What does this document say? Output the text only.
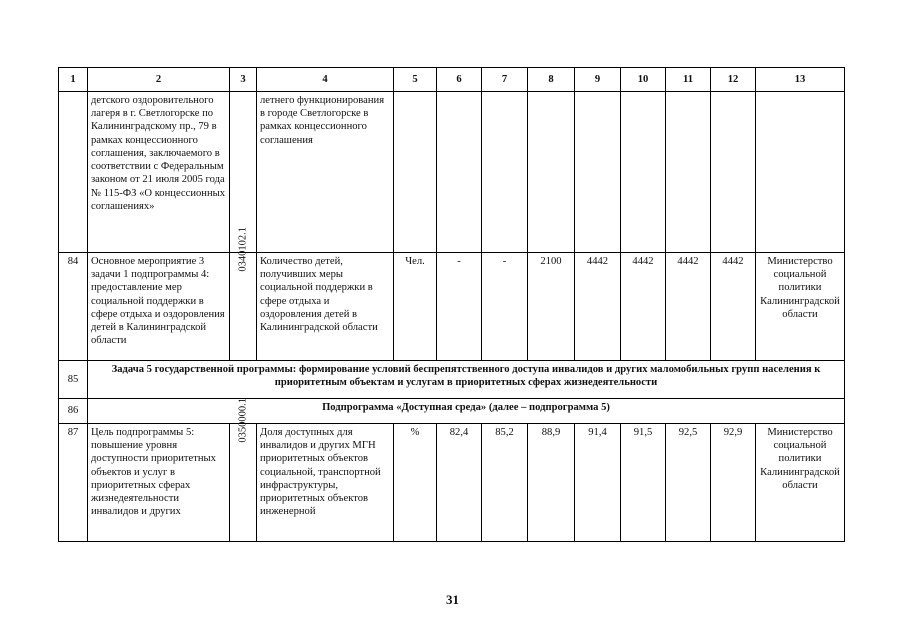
1	2	3	4	5	6	7	8	9	10	11	12	13
	детского оздоровительного лагеря в г. Светлогорске по Калининградскому пр., 79 в рамках концессионного соглашения, заключаемого в соответствии с Федеральным законом от 21 июля 2005 года № 115-ФЗ «О концессионных соглашениях»		летнего функционирования в городе Светлогорске в рамках концессионного соглашения									
84	Основное мероприятие 3 задачи 1 подпрограммы 4: предоставление мер социальной поддержки в сфере отдыха и оздоровления детей в Калининградской области	0340102.1	Количество детей, получивших меры социальной поддержки в сфере отдыха и оздоровления детей в Калининградской области	Чел.	-	-	2100	4442	4442	4442	4442	Министерство социальной политики Калининградской области
85	Задача 5 государственной программы: формирование условий беспрепятственного доступа инвалидов и других маломобильных групп населения к приоритетным объектам и услугам в приоритетных сферах жизнедеятельности											
86	Подпрограмма «Доступная среда» (далее – подпрограмма 5)											
87	Цель подпрограммы 5: повышение уровня доступности приоритетных объектов и услуг в приоритетных сферах жизнедеятельности инвалидов и других	0350000.1	Доля доступных для инвалидов и других МГН приоритетных объектов социальной, транспортной инфраструктуры, приоритетных объектов инженерной	%	82,4	85,2	88,9	91,4	91,5	92,5	92,9	Министерство социальной политики Калининградской области
31
